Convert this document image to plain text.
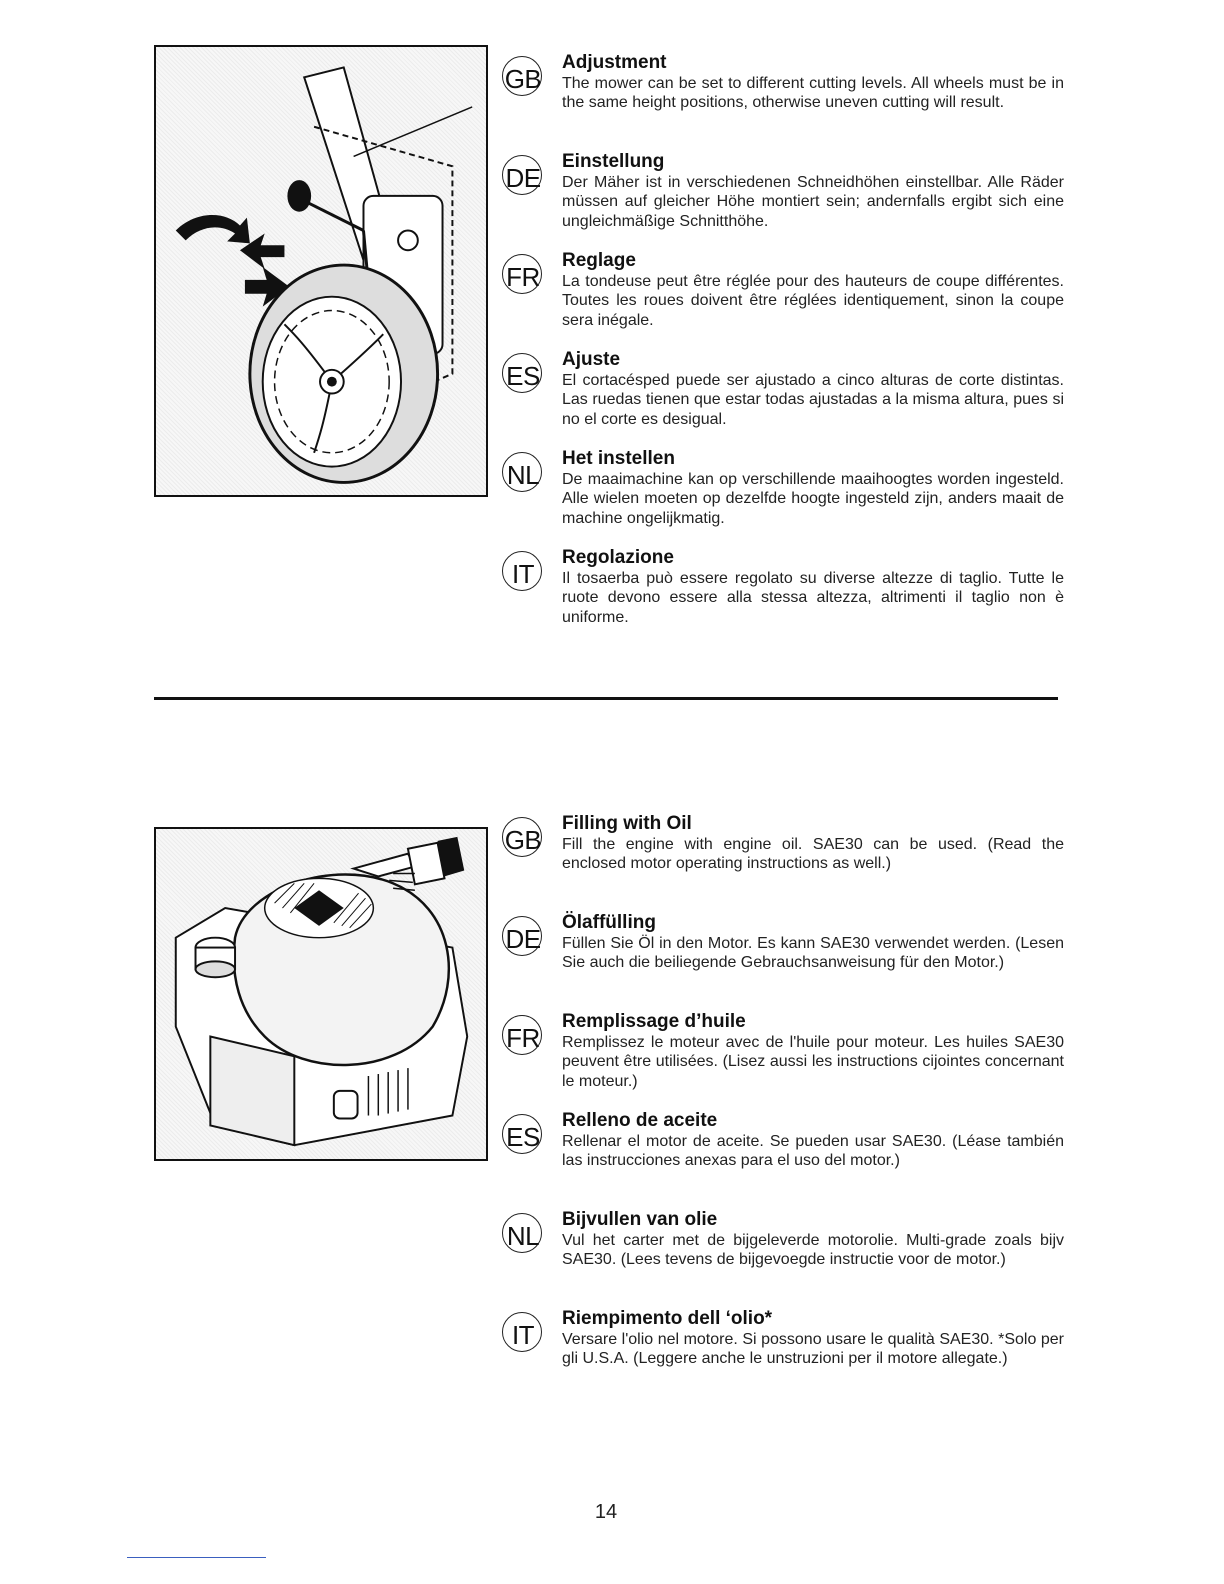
GB

Adjustment

The mower can be set to different cutting levels. All wheels must be in the same height positions, otherwise uneven cutting will result.

DE

Einstellung

Der Mäher ist in verschiedenen Schneidhöhen einstellbar. Alle Räder müssen auf gleicher Höhe montiert sein; andernfalls ergibt sich eine ungleichmäßige Schnitthöhe.

FR

Reglage

La tondeuse peut être réglée pour des hauteurs de coupe différentes. Toutes les roues doivent être réglées identiquement, sinon la coupe sera inégale.

ES

Ajuste

El cortacésped puede ser ajustado a cinco alturas de corte distintas. Las ruedas tienen que estar todas ajustadas a la misma altura, pues si no el corte es desigual.

NL

Het instellen

De maaimachine kan op verschillende maaihoogtes worden ingesteld. Alle wielen moeten op dezelfde hoogte ingesteld zijn, anders maait de machine ongelijkmatig.

IT

Regolazione

Il tosaerba può essere regolato su diverse altezze di taglio. Tutte le ruote devono essere alla stessa altezza, altrimenti il taglio non è uniforme.

GB

Filling with Oil

Fill the engine with engine oil. SAE30 can be used. (Read the enclosed motor operating instructions as well.)

DE

Ölaffülling

Füllen Sie Öl in den Motor. Es kann SAE30 verwendet werden. (Lesen Sie auch die beiliegende Gebrauchsanweisung für den Motor.)

FR

Remplissage d’huile

Remplissez le moteur avec de l'huile pour moteur. Les huiles SAE30 peuvent être utilisées. (Lisez aussi les instructions cijointes concernant le moteur.)

ES

Relleno de aceite

Rellenar el motor de aceite. Se pueden usar SAE30. (Léase también las instrucciones anexas para el uso del motor.)

NL

Bijvullen van olie

Vul het carter met de bijgeleverde motorolie. Multi-grade zoals bijv SAE30. (Lees tevens de bijgevoegde instructie voor de motor.)

IT

Riempimento dell ‘olio*

Versare l'olio nel motore. Si possono usare le qualità SAE30. *Solo per gli U.S.A. (Leggere anche le unstruzioni per il motore allegate.)

14
